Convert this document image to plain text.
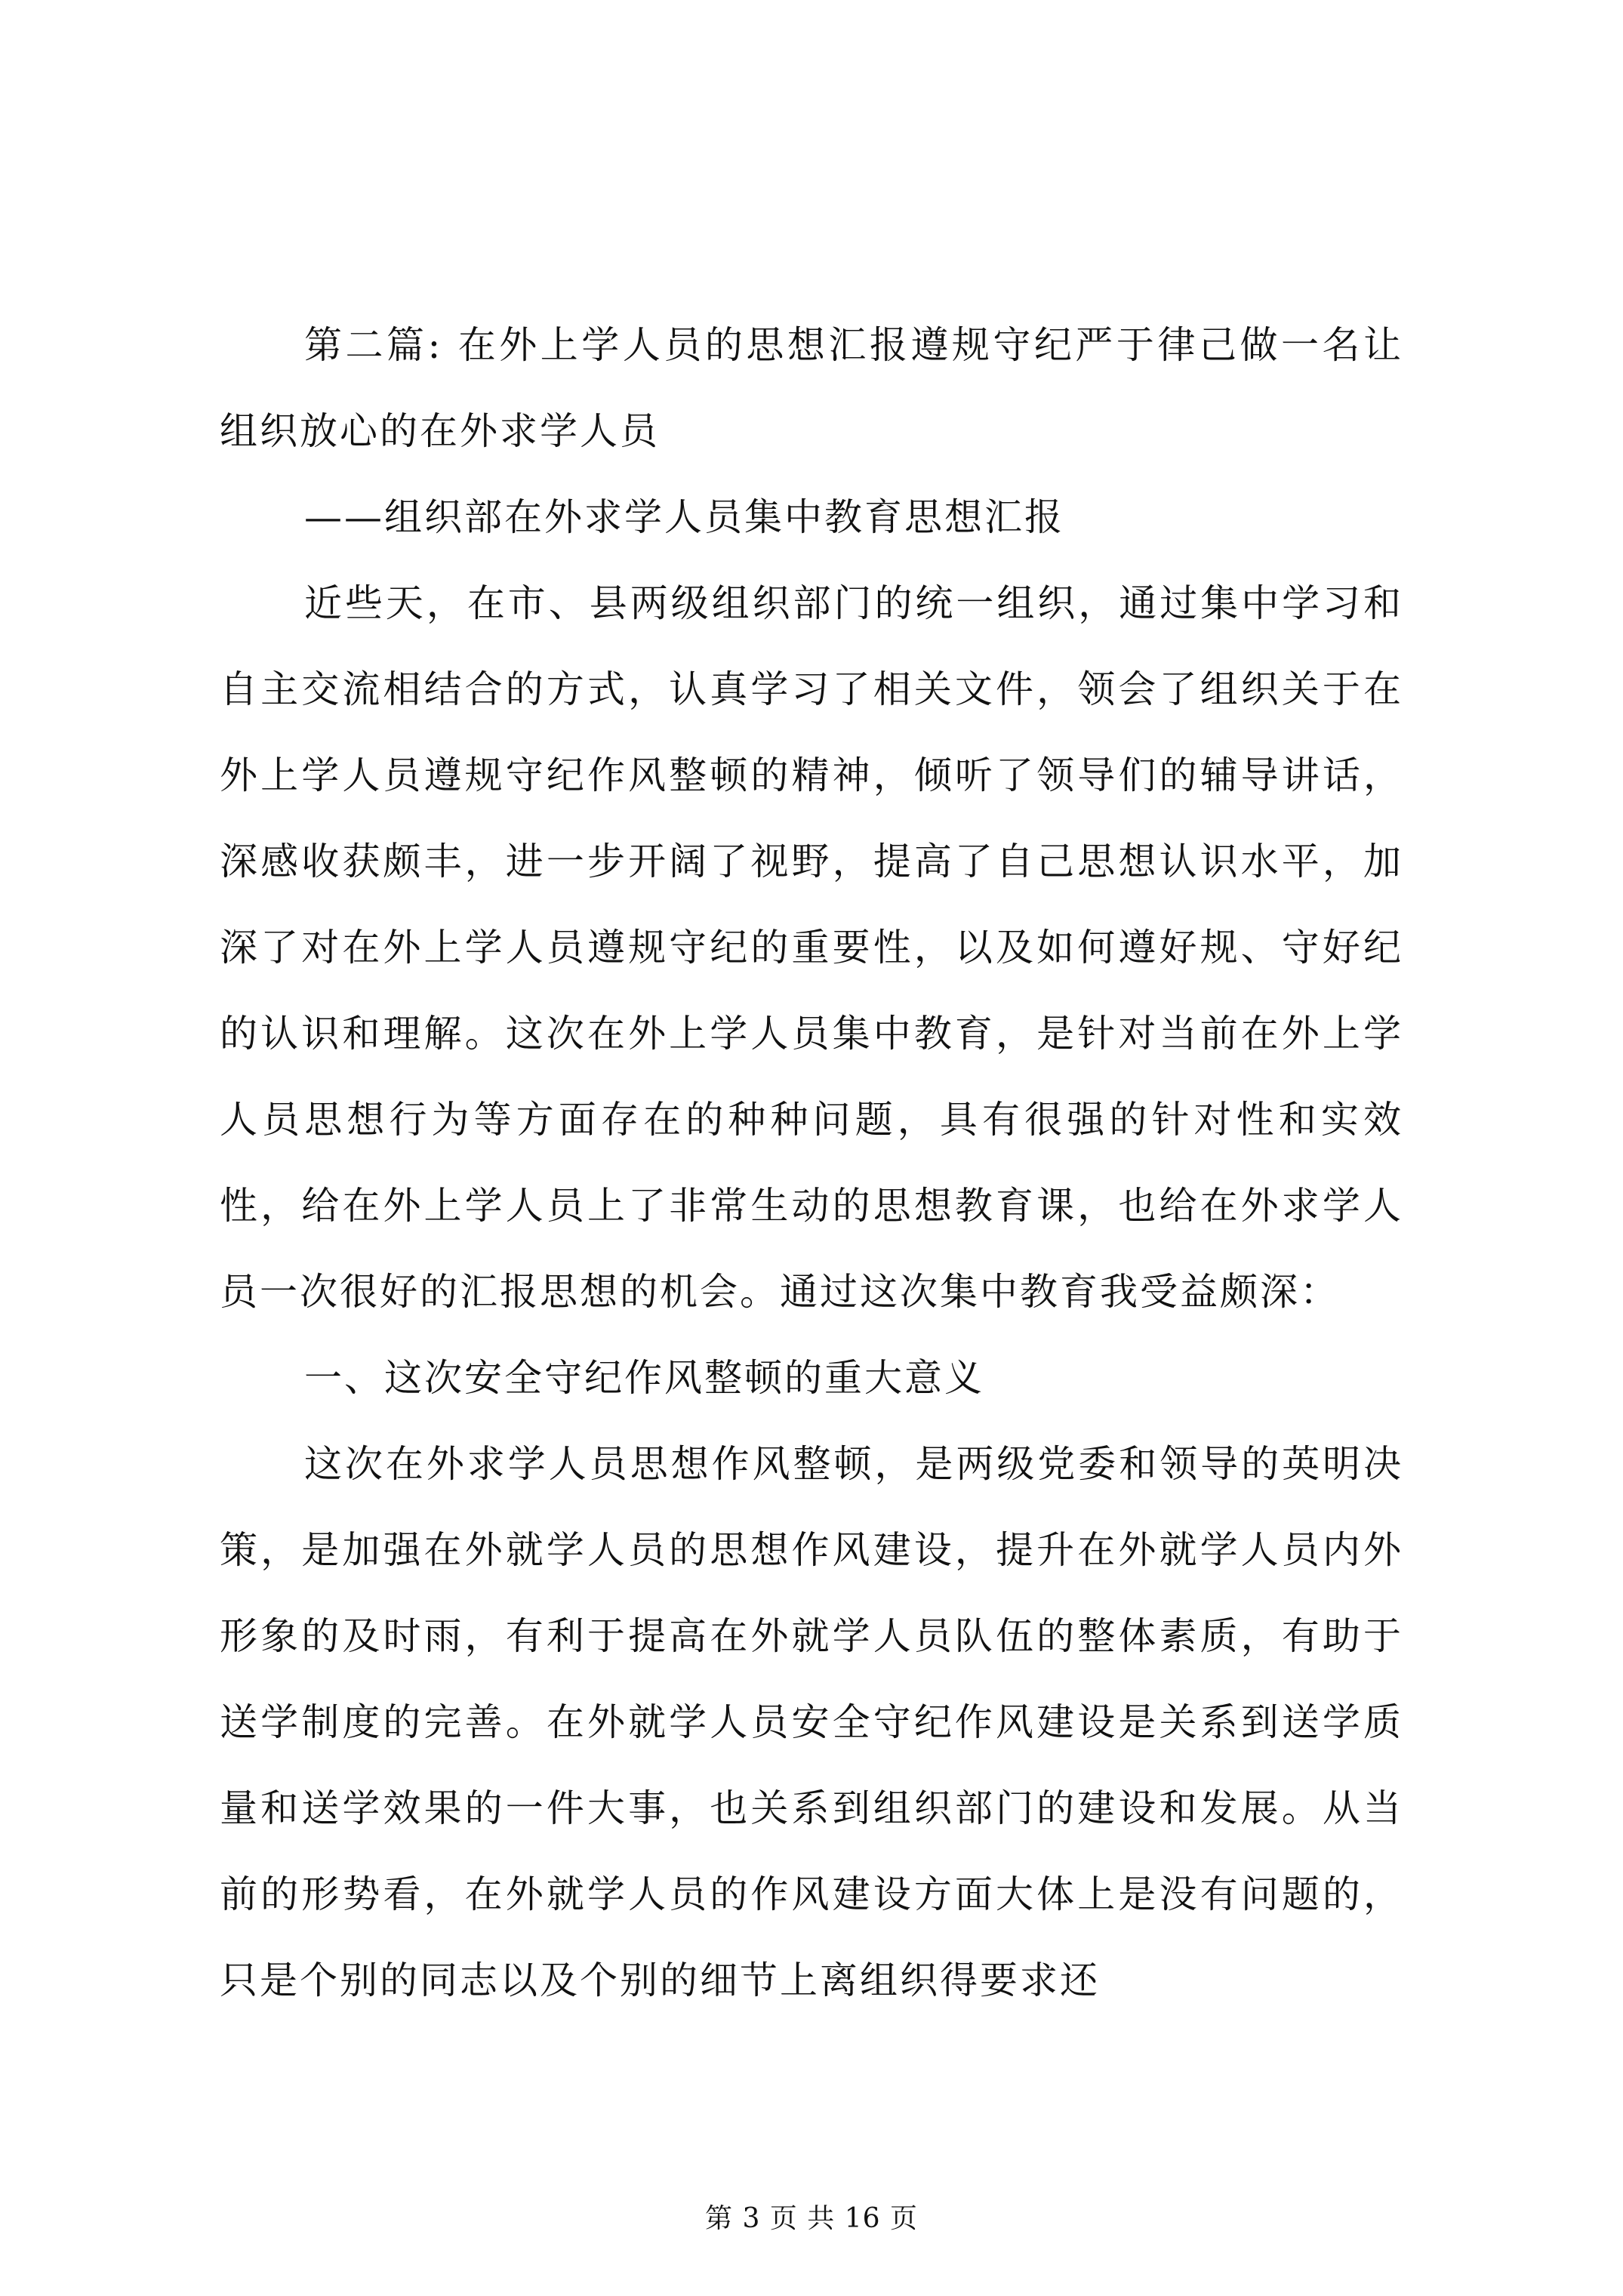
第二篇: 在外上学人员的思想汇报遵规守纪严于律己做一名让组织放心的在外求学人员

——组织部在外求学人员集中教育思想汇报

近些天，在市、县两级组织部门的统一组织，通过集中学习和自主交流相结合的方式，认真学习了相关文件，领会了组织关于在外上学人员遵规守纪作风整顿的精神，倾听了领导们的辅导讲话，深感收获颇丰，进一步开阔了视野，提高了自己思想认识水平，加深了对在外上学人员遵规守纪的重要性，以及如何遵好规、守好纪的认识和理解。这次在外上学人员集中教育，是针对当前在外上学人员思想行为等方面存在的种种问题，具有很强的针对性和实效性，给在外上学人员上了非常生动的思想教育课，也给在外求学人员一次很好的汇报思想的机会。通过这次集中教育我受益颇深：

一、这次安全守纪作风整顿的重大意义

这次在外求学人员思想作风整顿，是两级党委和领导的英明决策，是加强在外就学人员的思想作风建设，提升在外就学人员内外形象的及时雨，有利于提高在外就学人员队伍的整体素质，有助于送学制度的完善。在外就学人员安全守纪作风建设是关系到送学质量和送学效果的一件大事，也关系到组织部门的建设和发展。从当前的形势看，在外就学人员的作风建设方面大体上是没有问题的，只是个别的同志以及个别的细节上离组织得要求还

第 3 页 共 16 页
